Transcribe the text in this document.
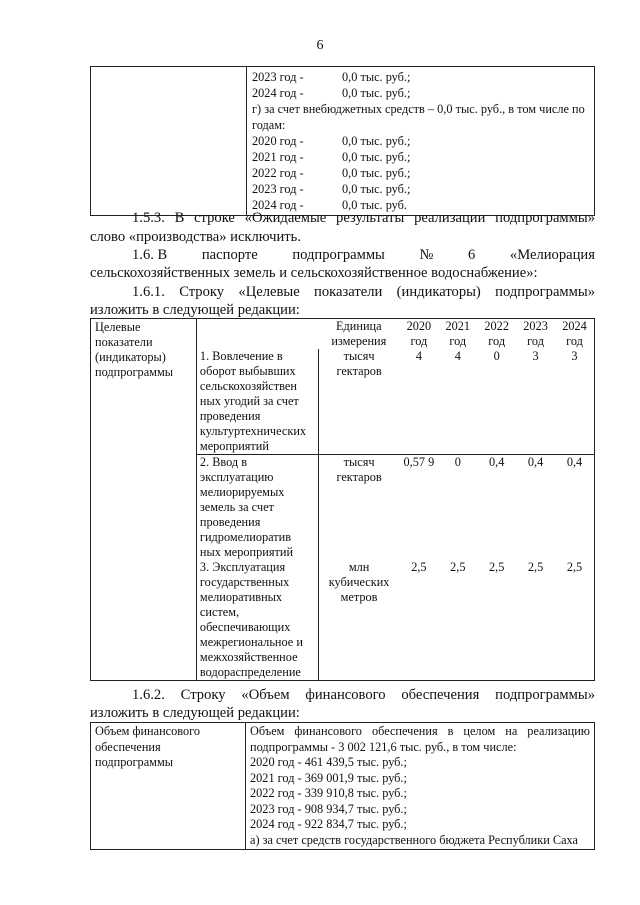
6

2023 год -	0,0 тыс. руб.;
2024 год -	0,0 тыс. руб.;
г) за счет внебюджетных средств – 0,0 тыс. руб., в том числе по годам:
2020 год -	0,0 тыс. руб.;
2021 год -	0,0 тыс. руб.;
2022 год -	0,0 тыс. руб.;
2023 год -	0,0 тыс. руб.;
2024 год -	0,0 тыс. руб.
1.5.3. В строке «Ожидаемые результаты реализации подпрограммы»
слово «производства» исключить.
1.6. В паспорте подпрограммы № 6 «Мелиорация
сельскохозяйственных земель и сельскохозяйственное водоснабжение»:
1.6.1. Строку «Целевые показатели (индикаторы) подпрограммы»
изложить в следующей редакции:
Целевые показатели (индикаторы) подпрограммы		Единица измерения	2020 год	2021 год	2022 год	2023 год	2024 год
	1. Вовлечение в оборот выбывших сельскохозяйствен ных угодий за счет проведения культуртехнических мероприятий	тысяч гектаров	4	4	0	3	3
	2. Ввод в эксплуатацию мелиорируемых земель за счет проведения гидромелиоратив ных мероприятий	тысяч гектаров	0,57 9	0	0,4	0,4	0,4
	3. Эксплуатация государственных мелиоративных систем, обеспечивающих межрегиональное и межхозяйственное водораспределение	млн кубических метров	2,5	2,5	2,5	2,5	2,5
1.6.2. Строку «Объем финансового обеспечения подпрограммы»
изложить в следующей редакции:
Объем финансового обеспечения подпрограммы	
Объем финансового обеспечения в целом на реализацию подпрограммы - 3 002 121,6 тыс. руб., в том числе:
2020 год - 461 439,5 тыс. руб.;
2021 год - 369 001,9 тыс. руб.;
2022 год - 339 910,8 тыс. руб.;
2023 год - 908 934,7 тыс. руб.;
2024 год - 922 834,7 тыс. руб.;
а) за счет средств государственного бюджета Республики Саха
